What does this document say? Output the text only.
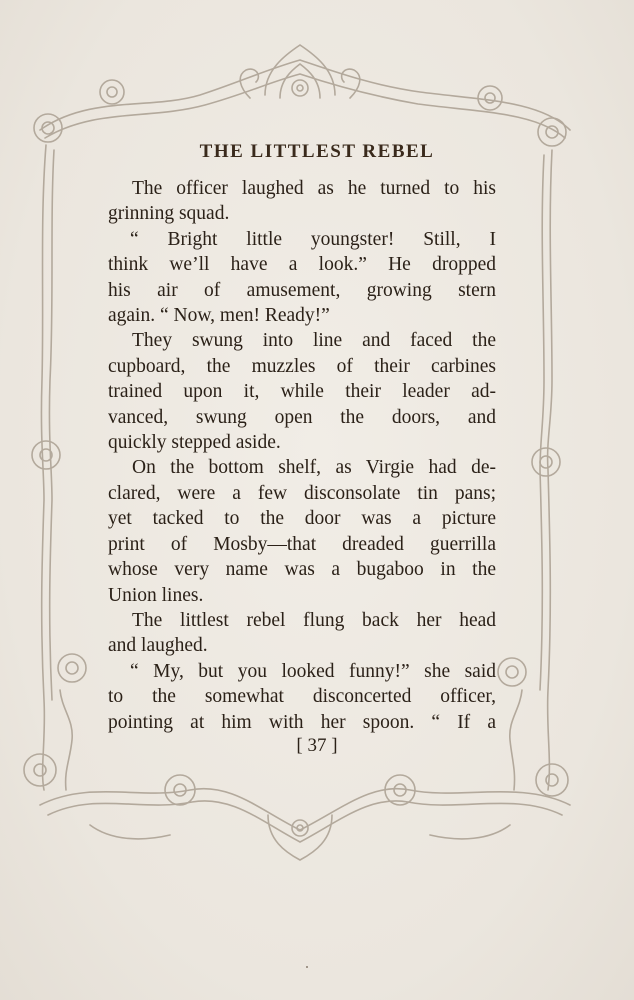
THE LITTLEST REBEL
The officer laughed as he turned to his
grinning squad.
“ Bright little youngster! Still, I
think we’ll have a look.” He dropped
his air of amusement, growing stern
again. “ Now, men! Ready!”
They swung into line and faced the
cupboard, the muzzles of their carbines
trained upon it, while their leader ad-
vanced, swung open the doors, and
quickly stepped aside.
On the bottom shelf, as Virgie had de-
clared, were a few disconsolate tin pans;
yet tacked to the door was a picture
print of Mosby—that dreaded guerrilla
whose very name was a bugaboo in the
Union lines.
The littlest rebel flung back her head
and laughed.
“ My, but you looked funny!” she said
to the somewhat disconcerted officer,
pointing at him with her spoon. “ If a
[ 37 ]
